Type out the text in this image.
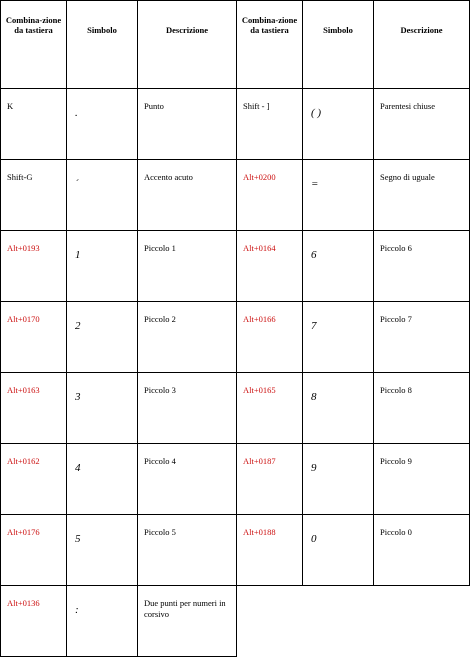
Combina-zione da tastiera	Simbolo	Descrizione	Combina-zione da tastiera	Simbolo	Descrizione
K	.	Punto	Shift - ]	( )	Parentesi chiuse
Shift-G	´	Accento acuto	Alt+0200	=	Segno di uguale
Alt+0193	1	Piccolo 1	Alt+0164	6	Piccolo 6
Alt+0170	2	Piccolo 2	Alt+0166	7	Piccolo 7
Alt+0163	3	Piccolo 3	Alt+0165	8	Piccolo 8
Alt+0162	4	Piccolo 4	Alt+0187	9	Piccolo 9
Alt+0176	5	Piccolo 5	Alt+0188	0	Piccolo 0
Alt+0136	:	Due punti per numeri in corsivo			
